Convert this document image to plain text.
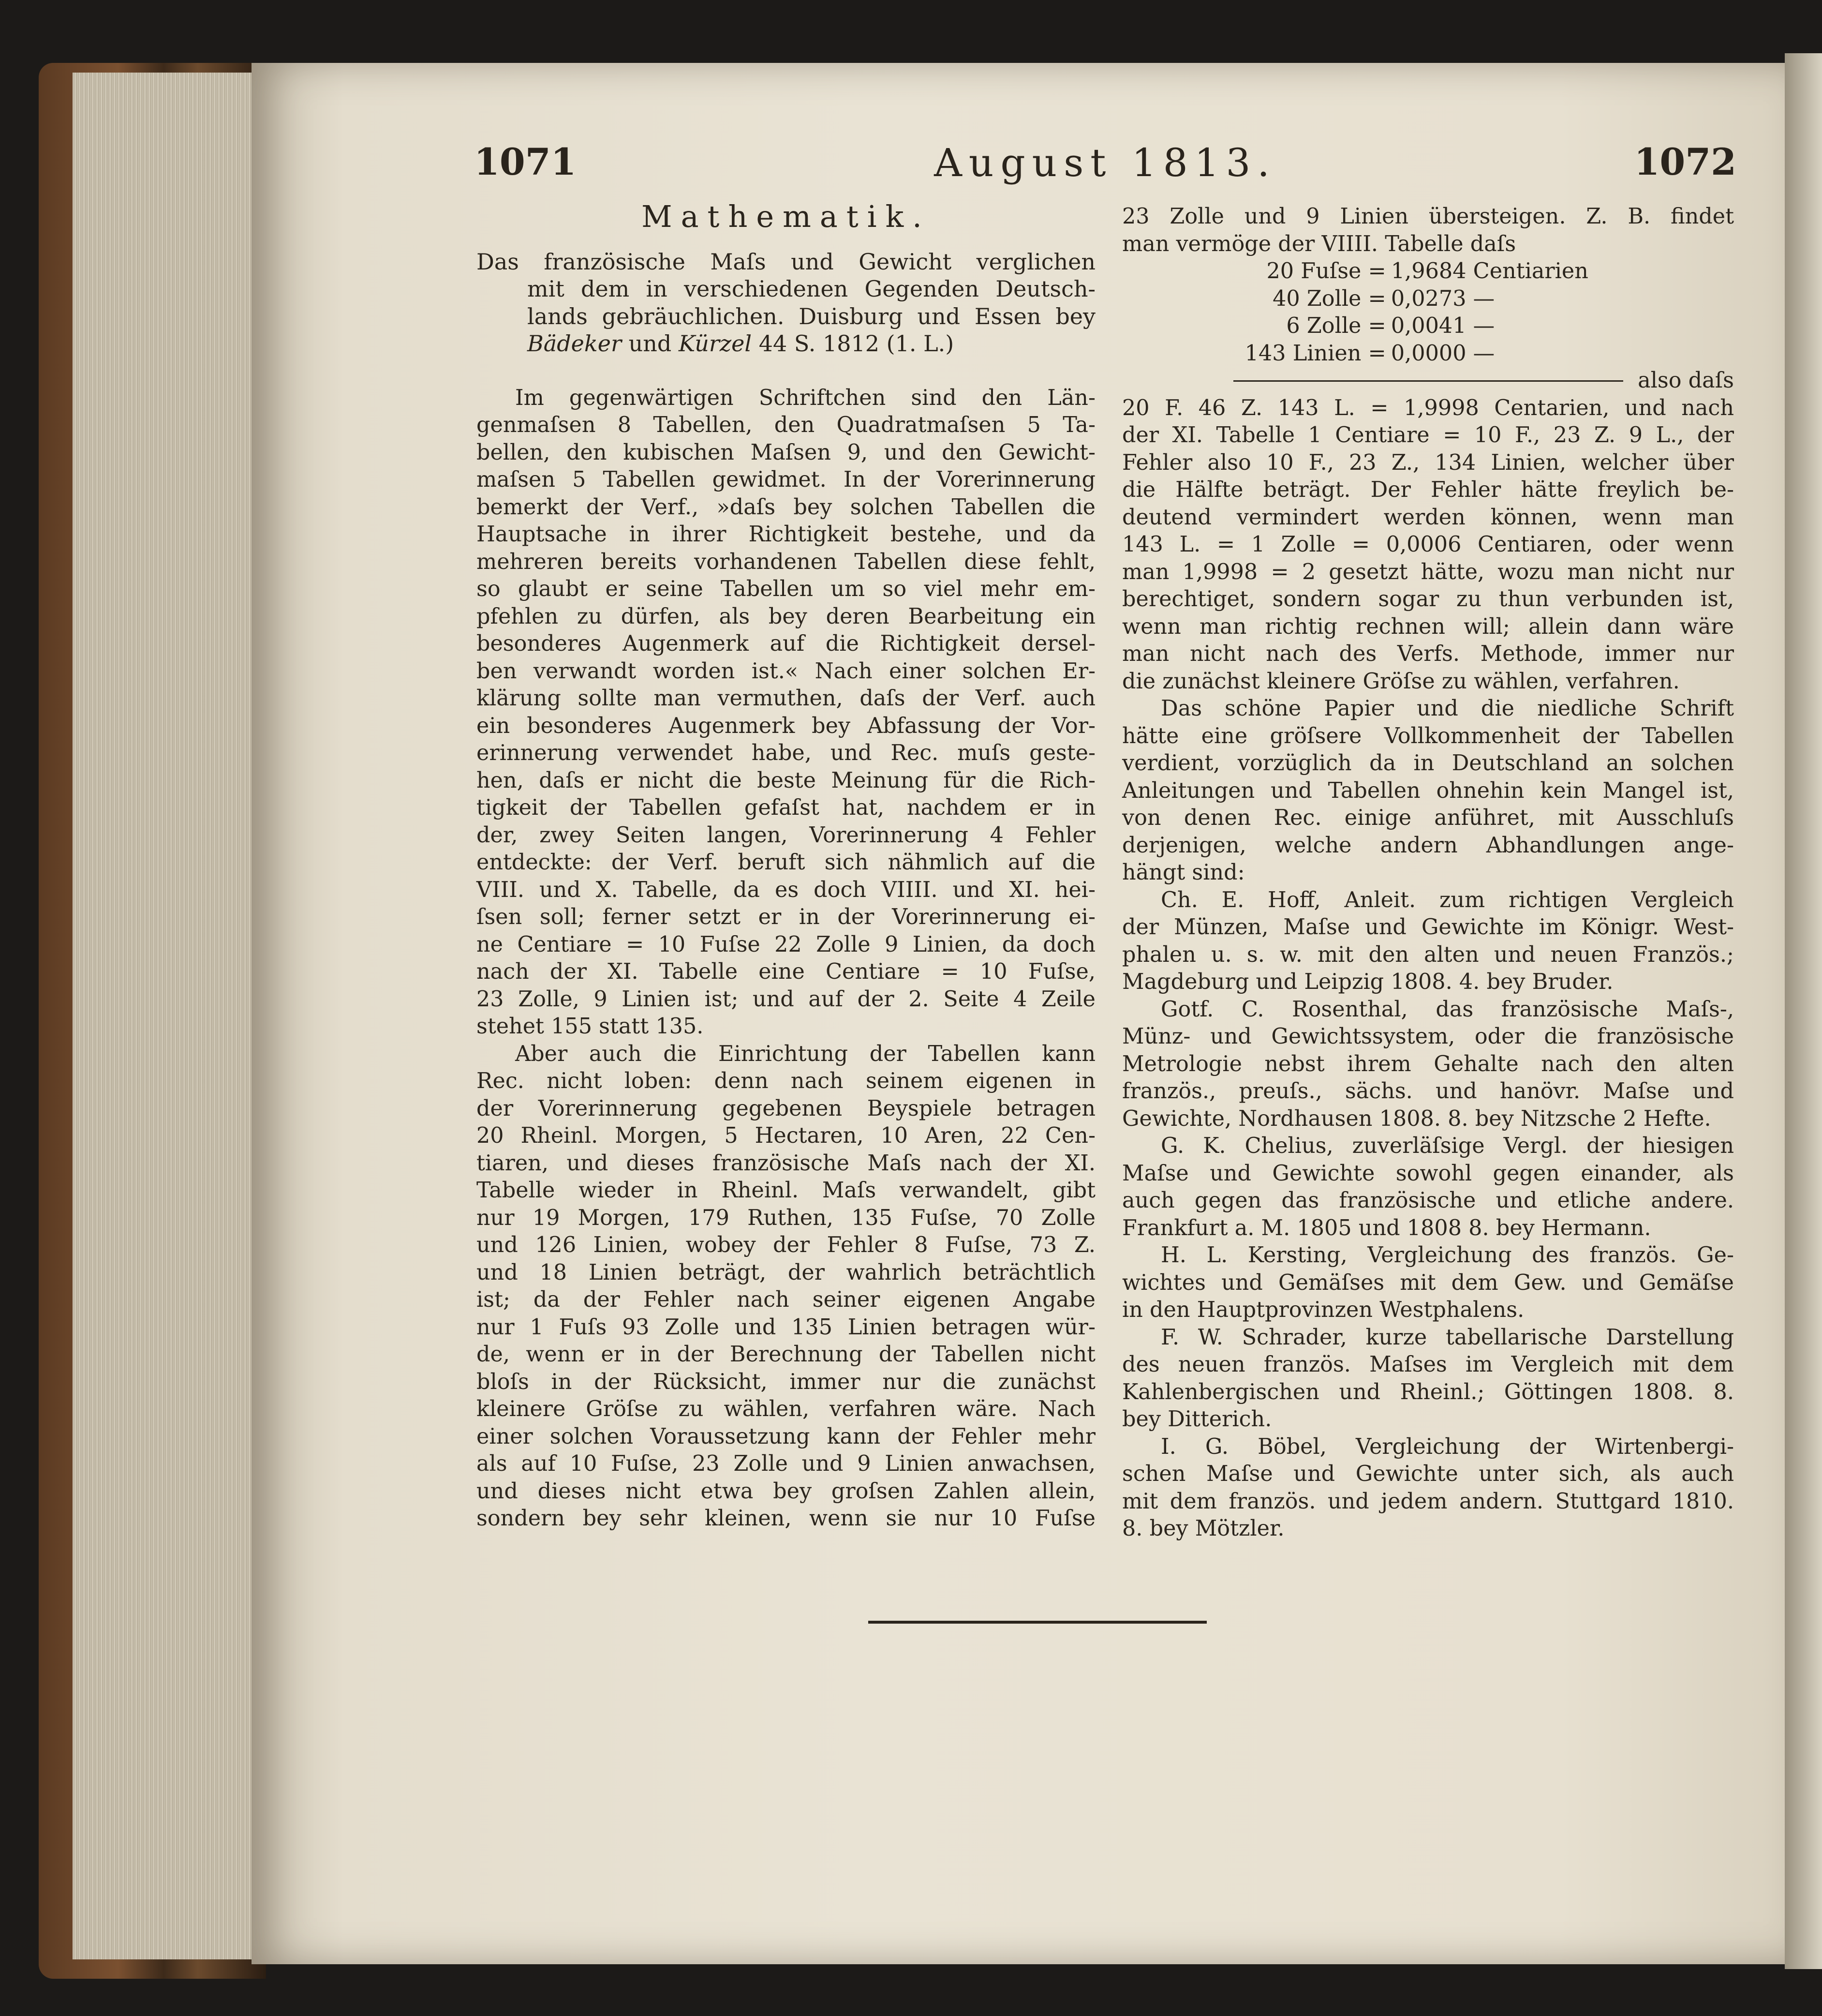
1071	August 1813.	1072
Mathematik.
Das französische Maſs und Gewicht verglichen
mit dem in verschiedenen Gegenden Deutsch-
lands gebräuchlichen. Duisburg und Essen bey
Bädeker und Kürzel 44 S. 1812 (1. L.)
Im gegenwärtigen Schriftchen sind den Län-
genmaſsen 8 Tabellen, den Quadratmaſsen 5 Ta-
bellen, den kubischen Maſsen 9, und den Gewicht-
maſsen 5 Tabellen gewidmet. In der Vorerinnerung
bemerkt der Verf., »daſs bey solchen Tabellen die
Hauptsache in ihrer Richtigkeit bestehe, und da
mehreren bereits vorhandenen Tabellen diese fehlt,
so glaubt er seine Tabellen um so viel mehr em-
pfehlen zu dürfen, als bey deren Bearbeitung ein
besonderes Augenmerk auf die Richtigkeit dersel-
ben verwandt worden ist.« Nach einer solchen Er-
klärung sollte man vermuthen, daſs der Verf. auch
ein besonderes Augenmerk bey Abfassung der Vor-
erinnerung verwendet habe, und Rec. muſs geste-
hen, daſs er nicht die beste Meinung für die Rich-
tigkeit der Tabellen gefaſst hat, nachdem er in
der, zwey Seiten langen, Vorerinnerung 4 Fehler
entdeckte: der Verf. beruft sich nähmlich auf die
VIII. und X. Tabelle, da es doch VIIII. und XI. hei-
ſsen soll; ferner setzt er in der Vorerinnerung ei-
ne Centiare = 10 Fuſse 22 Zolle 9 Linien, da doch
nach der XI. Tabelle eine Centiare = 10 Fuſse,
23 Zolle, 9 Linien ist; und auf der 2. Seite 4 Zeile
stehet 155 statt 135.
Aber auch die Einrichtung der Tabellen kann
Rec. nicht loben: denn nach seinem eigenen in
der Vorerinnerung gegebenen Beyspiele betragen
20 Rheinl. Morgen, 5 Hectaren, 10 Aren, 22 Cen-
tiaren, und dieses französische Maſs nach der XI.
Tabelle wieder in Rheinl. Maſs verwandelt, gibt
nur 19 Morgen, 179 Ruthen, 135 Fuſse, 70 Zolle
und 126 Linien, wobey der Fehler 8 Fuſse, 73 Z.
und 18 Linien beträgt, der wahrlich beträchtlich
ist; da der Fehler nach seiner eigenen Angabe
nur 1 Fuſs 93 Zolle und 135 Linien betragen wür-
de, wenn er in der Berechnung der Tabellen nicht
bloſs in der Rücksicht, immer nur die zunächst
kleinere Gröſse zu wählen, verfahren wäre. Nach
einer solchen Voraussetzung kann der Fehler mehr
als auf 10 Fuſse, 23 Zolle und 9 Linien anwachsen,
und dieses nicht etwa bey groſsen Zahlen allein,
sondern bey sehr kleinen, wenn sie nur 10 Fuſse
23 Zolle und 9 Linien übersteigen. Z. B. findet
man vermöge der VIIII. Tabelle daſs
20 Fuſse = 1,9684 Centiarien
40 Zolle = 0,0273 —
6 Zolle = 0,0041 —
143 Linien = 0,0000 —
also daſs
20 F. 46 Z. 143 L. = 1,9998 Centarien, und nach
der XI. Tabelle 1 Centiare = 10 F., 23 Z. 9 L., der
Fehler also 10 F., 23 Z., 134 Linien, welcher über
die Hälfte beträgt. Der Fehler hätte freylich be-
deutend vermindert werden können, wenn man
143 L. = 1 Zolle = 0,0006 Centiaren, oder wenn
man 1,9998 = 2 gesetzt hätte, wozu man nicht nur
berechtiget, sondern sogar zu thun verbunden ist,
wenn man richtig rechnen will; allein dann wäre
man nicht nach des Verfs. Methode, immer nur
die zunächst kleinere Gröſse zu wählen, verfahren.
Das schöne Papier und die niedliche Schrift
hätte eine gröſsere Vollkommenheit der Tabellen
verdient, vorzüglich da in Deutschland an solchen
Anleitungen und Tabellen ohnehin kein Mangel ist,
von denen Rec. einige anführet, mit Ausschluſs
derjenigen, welche andern Abhandlungen ange-
hängt sind:
Ch. E. Hoff, Anleit. zum richtigen Vergleich
der Münzen, Maſse und Gewichte im Königr. West-
phalen u. s. w. mit den alten und neuen Französ.;
Magdeburg und Leipzig 1808. 4. bey Bruder.
Gotf. C. Rosenthal, das französische Maſs-,
Münz- und Gewichtssystem, oder die französische
Metrologie nebst ihrem Gehalte nach den alten
französ., preuſs., sächs. und hanövr. Maſse und
Gewichte, Nordhausen 1808. 8. bey Nitzsche 2 Hefte.
G. K. Chelius, zuverläſsige Vergl. der hiesigen
Maſse und Gewichte sowohl gegen einander, als
auch gegen das französische und etliche andere.
Frankfurt a. M. 1805 und 1808 8. bey Hermann.
H. L. Kersting, Vergleichung des französ. Ge-
wichtes und Gemäſses mit dem Gew. und Gemäſse
in den Hauptprovinzen Westphalens.
F. W. Schrader, kurze tabellarische Darstellung
des neuen französ. Maſses im Vergleich mit dem
Kahlenbergischen und Rheinl.; Göttingen 1808. 8.
bey Ditterich.
I. G. Böbel, Vergleichung der Wirtenbergi-
schen Maſse und Gewichte unter sich, als auch
mit dem französ. und jedem andern. Stuttgard 1810.
8. bey Mötzler.
